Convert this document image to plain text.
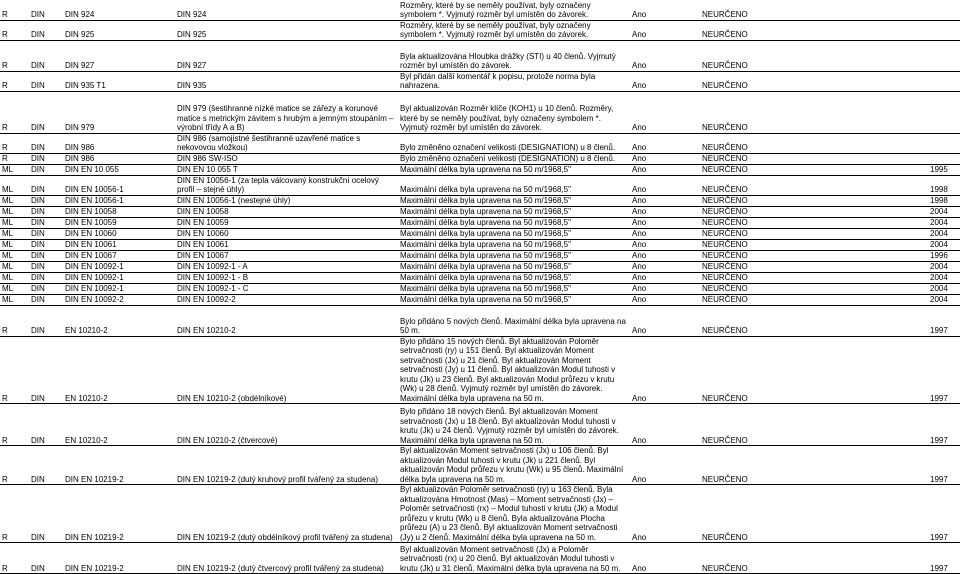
R	DIN	DIN 924	DIN 924	Rozměry, které by se neměly používat, byly označeny symbolem *. Vyjmutý rozměr byl umístěn do závorek.	Ano	NEURČENO	
R	DIN	DIN 925	DIN 925	Rozměry, které by se neměly používat, byly označeny symbolem *. Vyjmutý rozměr byl umístěn do závorek.	Ano	NEURČENO	
R	DIN	DIN 927	DIN 927	Byla aktualizována Hloubka drážky (STI) u 40 členů. Vyjmutý rozměr byl umístěn do závorek.	Ano	NEURČENO	
R	DIN	DIN 935 T1	DIN 935	Byl přidán další komentář k popisu, protože norma byla nahrazena.	Ano	NEURČENO	
R	DIN	DIN 979	DIN 979 (šestihranné nízké matice se zářezy a korunové matice s metrickým závitem s hrubým a jemným stoupáním – výrobní třídy A a B)	Byl aktualizován Rozměr klíče (KOH1) u 10 členů. Rozměry, které by se neměly používat, byly označeny symbolem *. Vyjmutý rozměr byl umístěn do závorek.	Ano	NEURČENO	
R	DIN	DIN 986	DIN 986 (samojistné šestihranné uzavřené matice s nekovovou vložkou)	Bylo změněno označení velikosti (DESIGNATION) u 8 členů.	Ano	NEURČENO	
R	DIN	DIN 986	DIN 986 SW-ISO	Bylo změněno označení velikosti (DESIGNATION) u 8 členů.	Ano	NEURČENO	
ML	DIN	DIN EN 10 055	DIN EN 10 055 T	Maximální délka byla upravena na 50 m/1968,5"	Ano	NEURČENO	1995
ML	DIN	DIN EN 10056-1	DIN EN 10056-1 (za tepla válcovaný konstrukční ocelový profil – stejné úhly)	Maximální délka byla upravena na 50 m/1968,5"	Ano	NEURČENO	1998
ML	DIN	DIN EN 10056-1	DIN EN 10056-1 (nestejné úhly)	Maximální délka byla upravena na 50 m/1968,5"	Ano	NEURČENO	1998
ML	DIN	DIN EN 10058	DIN EN 10058	Maximální délka byla upravena na 50 m/1968,5"	Ano	NEURČENO	2004
ML	DIN	DIN EN 10059	DIN EN 10059	Maximální délka byla upravena na 50 m/1968,5"	Ano	NEURČENO	2004
ML	DIN	DIN EN 10060	DIN EN 10060	Maximální délka byla upravena na 50 m/1968,5"	Ano	NEURČENO	2004
ML	DIN	DIN EN 10061	DIN EN 10061	Maximální délka byla upravena na 50 m/1968,5"	Ano	NEURČENO	2004
ML	DIN	DIN EN 10067	DIN EN 10067	Maximální délka byla upravena na 50 m/1968,5"	Ano	NEURČENO	1996
ML	DIN	DIN EN 10092-1	DIN EN 10092-1 - A	Maximální délka byla upravena na 50 m/1968,5"	Ano	NEURČENO	2004
ML	DIN	DIN EN 10092-1	DIN EN 10092-1 - B	Maximální délka byla upravena na 50 m/1968,5"	Ano	NEURČENO	2004
ML	DIN	DIN EN 10092-1	DIN EN 10092-1 - C	Maximální délka byla upravena na 50 m/1968,5"	Ano	NEURČENO	2004
ML	DIN	DIN EN 10092-2	DIN EN 10092-2	Maximální délka byla upravena na 50 m/1968,5"	Ano	NEURČENO	2004
R	DIN	EN 10210-2	DIN EN 10210-2	Bylo přidáno 5 nových členů. Maximální délka byla upravena na 50 m.	Ano	NEURČENO	1997
R	DIN	EN 10210-2	DIN EN 10210-2 (obdélníkové)	Bylo přidáno 15 nových členů. Byl aktualizován Poloměr setrvačnosti (ry) u 151 členů. Byl aktualizován Moment setrvačnosti (Jx) u 21 členů. Byl aktualizován Moment setrvačnosti (Jy) u 11 členů. Byl aktualizován Modul tuhosti v krutu (Jk) u 23 členů. Byl aktualizován Modul průřezu v krutu (Wk) u 28 členů. Vyjmutý rozměr byl umístěn do závorek. Maximální délka byla upravena na 50 m.	Ano	NEURČENO	1997
R	DIN	EN 10210-2	DIN EN 10210-2 (čtvercové)	Bylo přidáno 18 nových členů. Byl aktualizován Moment setrvačnosti (Jx) u 18 členů. Byl aktualizován Modul tuhosti v krutu (Jk) u 24 členů. Vyjmutý rozměr byl umístěn do závorek. Maximální délka byla upravena na 50 m.	Ano	NEURČENO	1997
R	DIN	DIN EN 10219-2	DIN EN 10219-2 (dutý kruhový profil tvářený za studena)	Byl aktualizován Moment setrvačnosti (Jx) u 106 členů. Byl aktualizován Modul tuhosti v krutu (Jk) u 221 členů. Byl aktualizován Modul průřezu v krutu (Wk) u 95 členů. Maximální délka byla upravena na 50 m.	Ano	NEURČENO	1997
R	DIN	DIN EN 10219-2	DIN EN 10219-2 (dutý obdélníkový profil tvářený za studena)	Byl aktualizován Poloměr setrvačnosti (ry) u 163 členů. Byla aktualizována Hmotnost (Mas) – Moment setrvačnosti (Jx) – Poloměr setrvačnosti (rx) – Modul tuhosti v krutu (Jk) a Modul průřezu v krutu (Wk) u 8 členů. Byla aktualizována Plocha průřezu (A) u 23 členů. Byl aktualizován Moment setrvačnosti (Jy) u 2 členů. Maximální délka byla upravena na 50 m.	Ano	NEURČENO	1997
R	DIN	DIN EN 10219-2	DIN EN 10219-2 (dutý čtvercový profil tvářený za studena)	Byl aktualizován Moment setrvačnosti (Jx) a Poloměr setrvačnosti (rx) u 20 členů. Byl aktualizován Modul tuhosti v krutu (Jk) u 31 členů. Maximální délka byla upravena na 50 m.	Ano	NEURČENO	1997
